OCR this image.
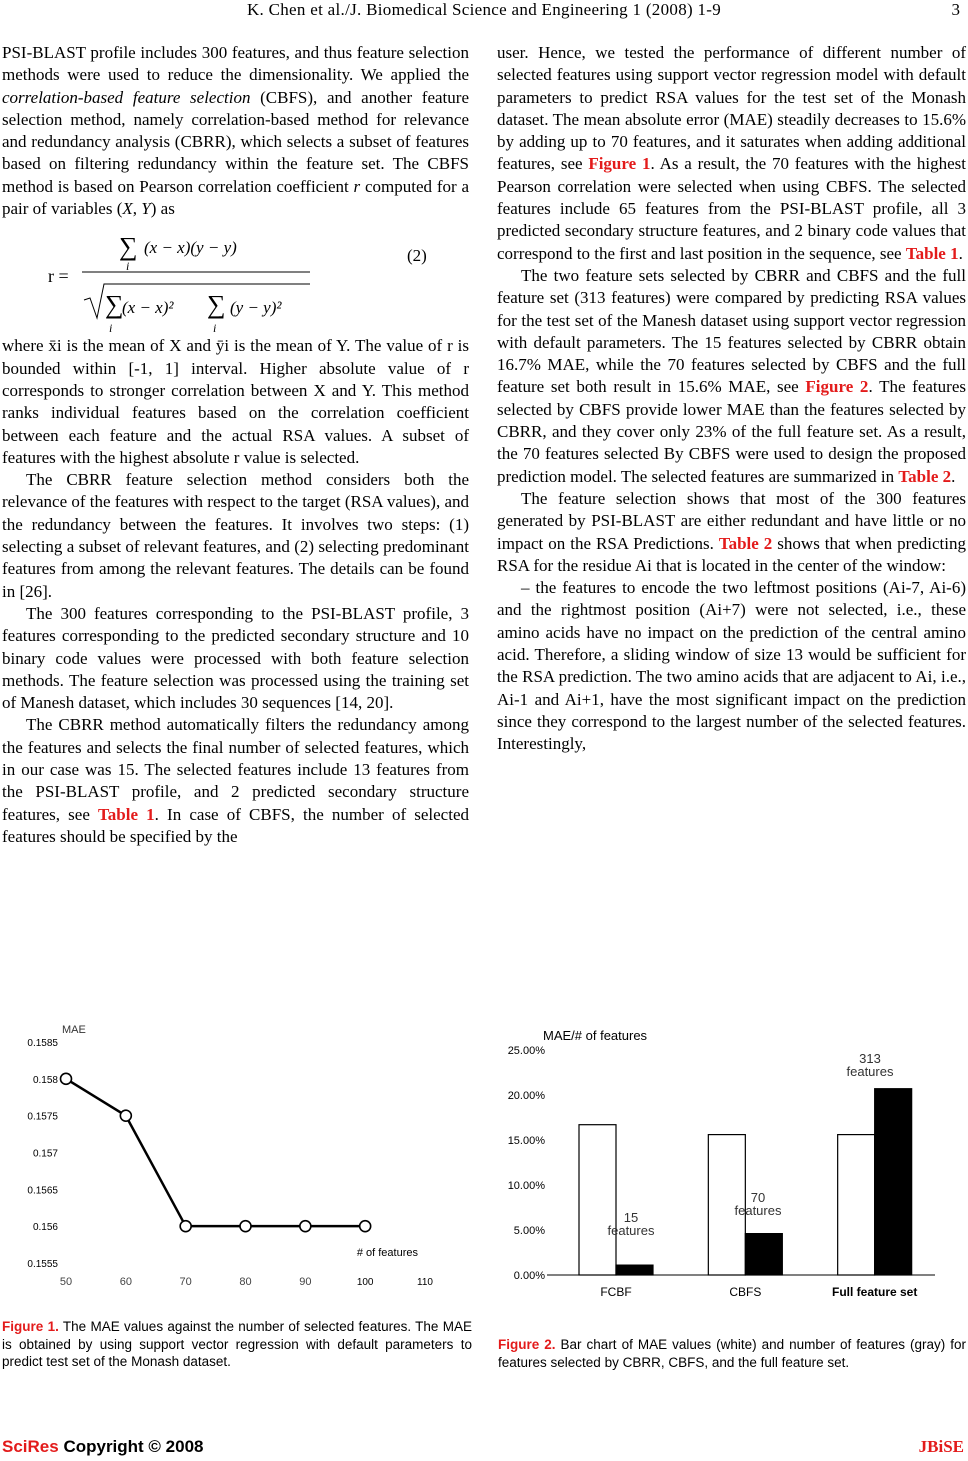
K. Chen et al./J. Biomedical Science and Engineering 1 (2008) 1-9	3

PSI-BLAST profile includes 300 features, and thus feature selection methods were used to reduce the dimensionality. We applied the correlation-based feature selection (CBFS), and another feature selection method, namely correlation-based method for relevance and redundancy analysis (CBRR), which selects a subset of features based on filtering redundancy within the feature set. The CBFS method is based on Pearson correlation coefficient r computed for a pair of variables (X, Y) as

r =
∑ (x − x)(y − y)
i
∑
(x − x)² ∑ (y − y)²
i	i
(2)

where x̄i is the mean of X and ȳi is the mean of Y. The value of r is bounded within [-1, 1] interval. Higher absolute value of r corresponds to stronger correlation between X and Y. This method ranks individual features based on the correlation coefficient between each feature and the actual RSA values. A subset of features with the highest absolute r value is selected.

The CBRR feature selection method considers both the relevance of the features with respect to the target (RSA values), and the redundancy between the features. It involves two steps: (1) selecting a subset of relevant features, and (2) selecting predominant features from among the relevant features. The details can be found in [26].

The 300 features corresponding to the PSI-BLAST profile, 3 features corresponding to the predicted secondary structure and 10 binary code values were processed with both feature selection methods. The feature selection was processed using the training set of Manesh dataset, which includes 30 sequences [14, 20].

The CBRR method automatically filters the redundancy among the features and selects the final number of selected features, which in our case was 15. The selected features include 13 features from the PSI-BLAST profile, and 2 predicted secondary structure features, see Table 1. In case of CBFS, the number of selected features should be specified by the

user. Hence, we tested the performance of different number of selected features using support vector regression model with default parameters to predict RSA values for the test set of the Monash dataset. The mean absolute error (MAE) steadily decreases to 15.6% by adding up to 70 features, and it saturates when adding additional features, see Figure 1. As a result, the 70 features with the highest Pearson correlation were selected when using CBFS. The selected features include 65 features from the PSI-BLAST profile, all 3 predicted secondary structure features, and 2 binary code values that correspond to the first and last position in the sequence, see Table 1.

The two feature sets selected by CBRR and CBFS and the full feature set (313 features) were compared by predicting RSA values for the test set of the Manesh dataset using support vector regression with default parameters. The 15 features selected by CBRR obtain 16.7% MAE, while the 70 features selected by CBFS and the full feature set both result in 15.6% MAE, see Figure 2. The features selected by CBFS provide lower MAE than the features selected by CBRR, and they cover only 23% of the full feature set. As a result, the 70 features selected By CBFS were used to design the proposed prediction model. The selected features are summarized in Table 2.

The feature selection shows that most of the 300 features generated by PSI-BLAST are either redundant and have little or no impact on the RSA Predictions. Table 2 shows that when predicting RSA for the residue Ai that is located in the center of the window:

– the features to encode the two leftmost positions (Ai-7, Ai-6) and the rightmost position (Ai+7) were not selected, i.e., these amino acids have no impact on the prediction of the central amino acid. Therefore, a sliding window of size 13 would be sufficient for the RSA prediction. The two amino acids that are adjacent to Ai, i.e., Ai-1 and Ai+1, have the most significant impact on the prediction since they correspond to the largest number of the selected features. Interestingly,

MAE
0.1555
0.156
0.1565
0.157
0.1575
0.158
0.1585
50	60	70	80	90	100	110
# of features
MAE/# of features
0.00%
5.00%
10.00%
15.00%
20.00%
25.00%
FCBF
15
features
CBFS
70
features
Full feature set
313
features
Figure 1. The MAE values against the number of selected features. The MAE is obtained by using support vector regression with default parameters to predict test set of the Monash dataset.
Figure 2. Bar chart of MAE values (white) and number of features (gray) for features selected by CBRR, CBFS, and the full feature set.
SciRes Copyright © 2008	JBiSE
